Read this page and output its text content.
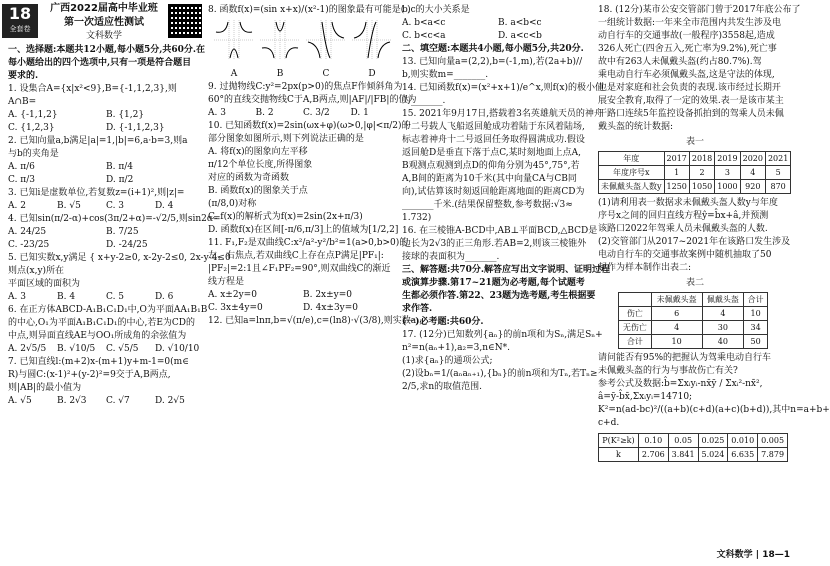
18
全套卷
广西2022届高中毕业班
第一次适应性测试
文科数学
一、选择题:本题共12小题,每小题5分,共60分.在
每小题给出的四个选项中,只有一项是符合题目
要求的.
1. 设集合A={x|x²<9},B={-1,1,2,3},则
A∩B=
A. {-1,1,2}	B. {1,2}
C. {1,2,3}	D. {-1,1,2,3}
2. 已知向量a,b满足|a|=1,|b|=6,a·b=3,则a
与b的夹角是
A. π/6	B. π/4
C. π/3	D. π/2
3. 已知i是虚数单位,若复数z=(i+1)²,则|z|=
A. 2	B. √5	C. 3	D. 4
4. 已知sin(π/2-α)+cos(3π/2+α)=-√2/5,则sin2α=
A. 24/25	B. 7/25
C. -23/25	D. -24/25
5. 已知实数x,y满足 { x+y-2≥0, x-2y-2≤0, 2x-y-4≤0
则点(x,y)所在
平面区域的面积为
A. 3	B. 4	C. 5	D. 6
6. 在正方体ABCD-A₁B₁C₁D₁中,O为平面AA₁B₁B
的中心,O₁为平面A₁B₁C₁D₁的中心,若E为CD的
中点,则异面直线AE与OO₁所成角的余弦值为
A. 2√5/5	B. √10/5	C. √5/5	D. √10/10
7. 已知直线l:(m+2)x-(m+1)y+m-1=0(m∈
R)与圆C:(x-1)²+(y-2)²=9交于A,B两点,
则|AB|的最小值为
A. √5	B. 2√3	C. √7	D. 2√5
8. 函数f(x)=(sin x+x)/(x²-1)的图象最有可能是( )
A	B	C	D
9. 过抛物线C:y²=2px(p>0)的焦点F作倾斜角为
60°的直线交抛物线C于A,B两点,则|AF|/|FB|的值为
A. 3	B. 2	C. 3/2	D. 1
10. 已知函数f(x)=2sin(ωx+φ)(ω>0,|φ|<π/2)的
部分图象如图所示,则下列说法正确的是
A. 将f(x)的图象向左平移
π/12个单位长度,所得图象
对应的函数为奇函数
B. 函数f(x)的图象关于点
(π/8,0)对称
C. f(x)的解析式为f(x)=2sin(2x+π/3)
D. 函数f(x)在区间[-π/6,π/3]上的值域为[1/2,2]
11. F₁,F₂是双曲线C:x²/a²-y²/b²=1(a>0,b>0)的
左、右焦点,若双曲线C上存在点P满足|PF₁|:
|PF₂|=2:1且∠F₁PF₂=90°,则双曲线C的渐近
线方程是
A. x±2y=0	B. 2x±y=0
C. 3x±4y=0	D. 4x±3y=0
12. 已知a=lnπ,b=√(π/e),c=(ln8)·√(3/8),则实数a,
b,c的大小关系是
A. b<a<c	B. a<b<c
C. b<c<a	D. a<c<b
二、填空题:本题共4小题,每小题5分,共20分.
13. 已知向量a=(2,2),b=(-1,m),若(2a+b)//
b,则实数m=_______.
14. 已知函数f(x)=(x²+x+1)/e^x,则f(x)的极小值
为_______.
15. 2021年9月17日,搭载着3名英雄航天员的神舟
十二号载人飞船返回舱成功着陆于东风着陆场,
标志着神舟十二号返回任务取得圆满成功.假设
返回舱D是垂直下落于点C,某时刻地面上点A,
B观测点观测到点D的仰角分别为45°,75°,若
A,B间的距离为10千米(其中向量CA与CB同
向),试估算该时刻返回舱距离地面的距离CD为
_______千米.(结果保留整数,参考数据:√3≈
1.732)
16. 在三棱锥A-BCD中,AB⊥平面BCD,△BCD是
边长为2√3的正三角形.若AB=2,则该三棱锥外
接球的表面积为_______.
三、解答题:共70分.解答应写出文字说明、证明过程
或演算步骤.第17~21题为必考题,每个试题考
生都必须作答.第22、23题为选考题,考生根据要
求作答.
(一)必考题:共60分.
17. (12分)已知数列{aₙ}的前n项和为Sₙ,满足Sₙ+
n²=n(aₙ+1),a₂=3,n∈N*.
(1)求{aₙ}的通项公式;
(2)设bₙ=1/(aₙaₙ₊₁),{bₙ}的前n项和为Tₙ,若Tₙ≥
2/5,求n的取值范围.
18. (12分)某市公安交管部门曾于2017年底公布了
一组统计数据:一年来全市范围内共发生涉及电
动自行车的交通事故(一般程序)3558起,造成
326人死亡(四舍五入,死亡率为9.2%),死亡事
故中有263人未佩戴头盔(约占80.7%).驾
乘电动自行车必须佩戴头盔,这是守法的体现,
也是对家庭和社会负责的表现.该市经过长期开
展安全教育,取得了一定的效果.表一是该市某主
干路口连续5年监控设备抓拍到的驾乘人员未佩
戴头盔的统计数据:
表一
年度	2017	2018	2019	2020	2021
年度序号x	1	2	3	4	5
未佩戴头盔人数y	1250	1050	1000	920	870
(1)请利用表一数据求未佩戴头盔人数y与年度
序号x之间的回归直线方程ŷ=b̂x+â,并预测
该路口2022年驾乘人员未佩戴头盔的人数.
(2)交管部门从2017~2021年在该路口发生涉及
电动自行车的交通事故案例中随机抽取了50
起作为样本制作出表二:
表二
	未佩戴头盔	佩戴头盔	合计
伤亡	6	4	10
无伤亡	4	30	34
合计	10	40	50
请问能否有95%的把握认为驾乘电动自行车
未佩戴头盔的行为与事故伤亡有关?
参考公式及数据:b̂=Σxᵢyᵢ-nx̄ȳ / Σxᵢ²-nx̄²,
â=ȳ-b̂x̄,Σxᵢyᵢ=14710;
K²=n(ad-bc)²/((a+b)(c+d)(a+c)(b+d)),其中n=a+b+
c+d.
P(K²≥k)	0.10	0.05	0.025	0.010	0.005
k	2.706	3.841	5.024	6.635	7.879
文科数学 | 18—1
